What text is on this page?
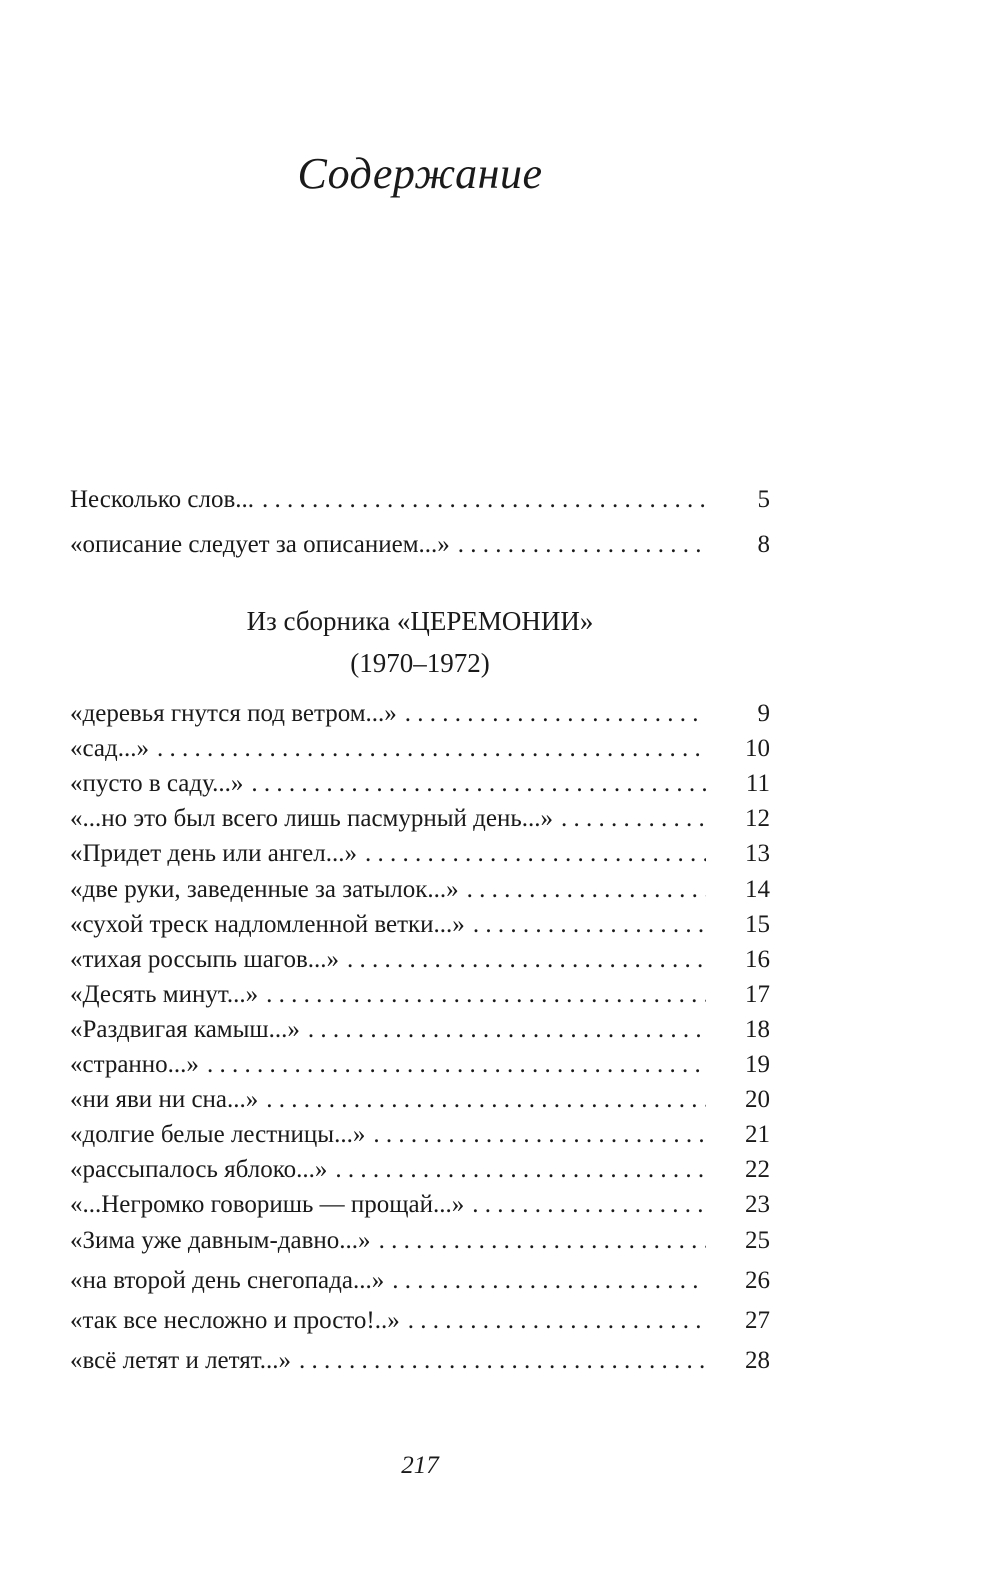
Содержание
Несколько слов... . . .	5
«описание следует за описанием...» . . .	8
Из сборника «ЦЕРЕМОНИИ»
(1970–1972)
«деревья гнутся под ветром...» . . .	9
«сад...» . . .	10
«пусто в саду...» . . .	11
«...но это был всего лишь пасмурный день...» . . .	12
«Придет день или ангел...» . . .	13
«две руки, заведенные за затылок...» . . .	14
«сухой треск надломленной ветки...» . . .	15
«тихая россыпь шагов...» . . .	16
«Десять минут...» . . .	17
«Раздвигая камыш...» . . .	18
«странно...» . . .	19
«ни яви ни сна...» . . .	20
«долгие белые лестницы...» . . .	21
«рассыпалось яблоко...» . . .	22
«...Негромко говоришь — прощай...» . . .	23
«Зима уже давным-давно...» . . .	25
«на второй день снегопада...» . . .	26
«так все несложно и просто!..» . . .	27
«всё летят и летят...» . . .	28
217
